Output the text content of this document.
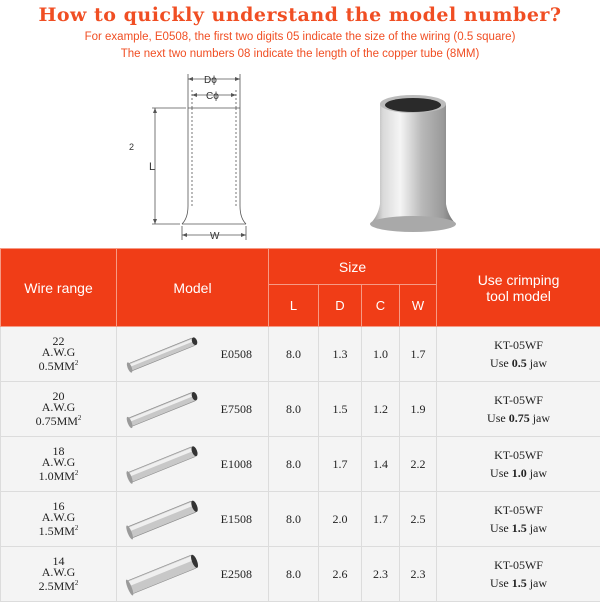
How to quickly understand the model number?
For example, E0508, the first two digits 05 indicate the size of the wiring (0.5 square)
The next two numbers 08 indicate the length of the copper tube (8MM)
Dϕ
Cϕ
L
W
2
Wire range	Model	Size				Use crimping
tool model
		L	D	C	W	
22
A.W.G
$0.5MM^2$	E0508	8.0	1.3	1.0	1.7	KT-05WF
Use 0.5 jaw
20
A.W.G
$0.75MM^2$	E7508	8.0	1.5	1.2	1.9	KT-05WF
Use 0.75 jaw
18
A.W.G
$1.0MM^2$	E1008	8.0	1.7	1.4	2.2	KT-05WF
Use 1.0 jaw
16
A.W.G
$1.5MM^2$	E1508	8.0	2.0	1.7	2.5	KT-05WF
Use 1.5 jaw
14
A.W.G
$2.5MM^2$	E2508	8.0	2.6	2.3	2.3	KT-05WF
Use 1.5 jaw
